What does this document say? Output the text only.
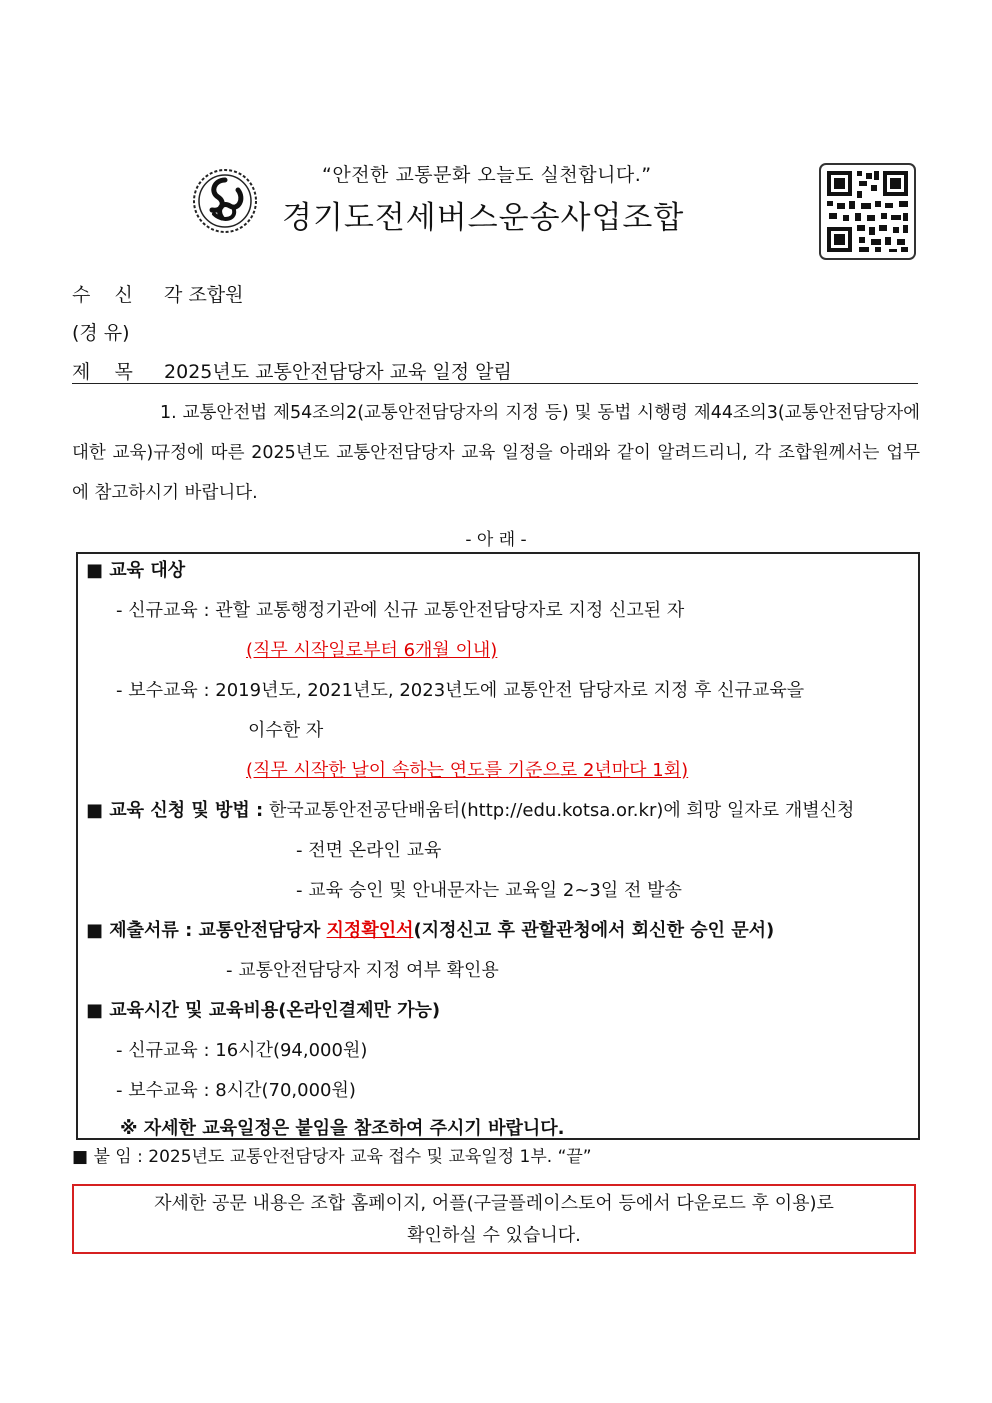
“안전한 교통문화 오늘도 실천합니다.”
경기도전세버스운송사업조합
수    신 각 조합원
(경 유)
제    목 2025년도 교통안전담당자 교육 일정 알림

1. 교통안전법 제54조의2(교통안전담당자의 지정 등) 및 동법 시행령 제44조의3(교통안전담당자에 대한 교육)규정에 따른 2025년도 교통안전담당자 교육 일정을 아래와 같이 알려드리니, 각 조합원께서는 업무에 참고하시기 바랍니다.

- 아 래 -
■ 교육 대상
- 신규교육 : 관할 교통행정기관에 신규 교통안전담당자로 지정 신고된 자
(직무 시작일로부터 6개월 이내)
- 보수교육 : 2019년도, 2021년도, 2023년도에 교통안전 담당자로 지정 후 신규교육을
이수한 자
(직무 시작한 날이 속하는 연도를 기준으로 2년마다 1회)
■ 교육 신청 및 방법 : 한국교통안전공단배움터(http://edu.kotsa.or.kr)에 희망 일자로 개별신청
- 전면 온라인 교육
- 교육 승인 및 안내문자는 교육일 2~3일 전 발송
■ 제출서류 : 교통안전담당자 지정확인서(지정신고 후 관할관청에서 회신한 승인 문서)
- 교통안전담당자 지정 여부 확인용
■ 교육시간 및 교육비용(온라인결제만 가능)
- 신규교육 : 16시간(94,000원)
- 보수교육 : 8시간(70,000원)
※ 자세한 교육일정은 붙임을 참조하여 주시기 바랍니다.
■ 붙 임 : 2025년도 교통안전담당자 교육 접수 및 교육일정 1부. “끝”
자세한 공문 내용은 조합 홈페이지, 어플(구글플레이스토어 등에서 다운로드 후 이용)로
확인하실 수 있습니다.
